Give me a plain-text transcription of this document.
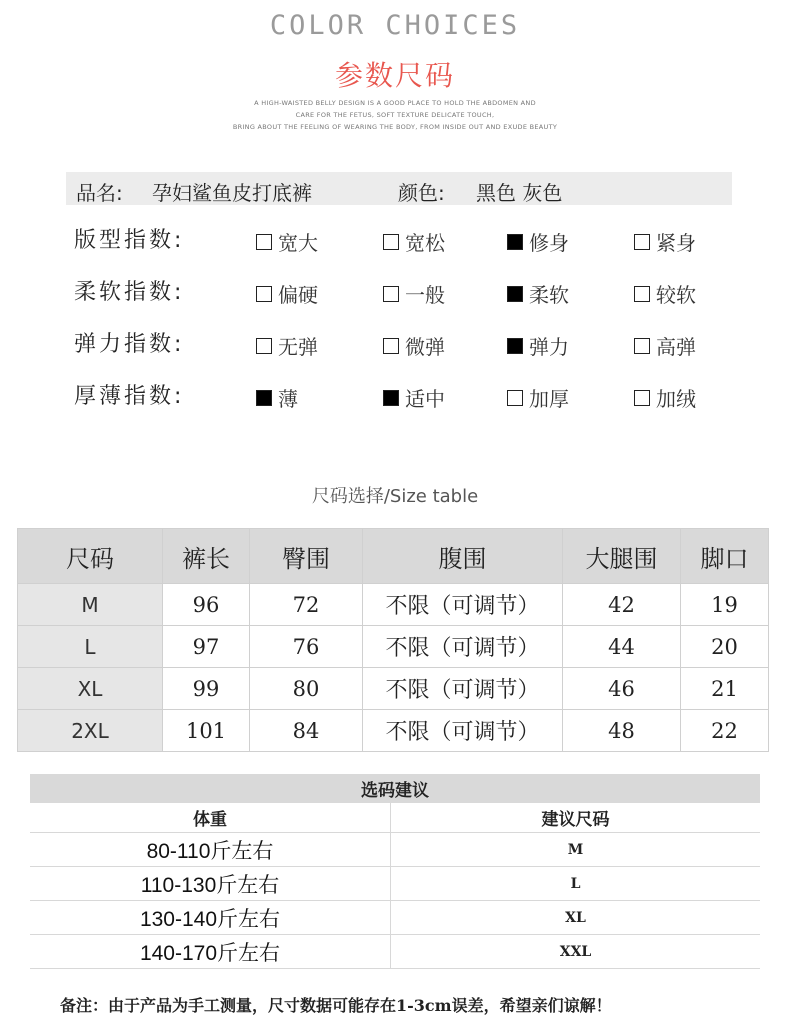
COLOR CHOICES
参数尺码
A HIGH-WAISTED BELLY DESIGN IS A GOOD PLACE TO HOLD THE ABDOMEN AND
CARE FOR THE FETUS, SOFT TEXTURE DELICATE TOUCH,
BRING ABOUT THE FEELING OF WEARING THE BODY, FROM INSIDE OUT AND EXUDE BEAUTY
品名: 孕妇鲨鱼皮打底裤	颜色: 黑色 灰色
版型指数:	宽大	宽松	修身	紧身
柔软指数:	偏硬	一般	柔软	较软
弹力指数:	无弹	微弹	弹力	高弹
厚薄指数:	薄	适中	加厚	加绒
尺码选择/Size table
尺码	裤长	臀围	腹围	大腿围	脚口
M	96	72	不限（可调节）	42	19
L	97	76	不限（可调节）	44	20
XL	99	80	不限（可调节）	46	21
2XL	101	84	不限（可调节）	48	22
选码建议	
体重	建议尺码
80-110斤左右	M
110-130斤左右	L
130-140斤左右	XL
140-170斤左右	XXL
备注：由于产品为手工测量，尺寸数据可能存在1-3cm误差，希望亲们谅解！
